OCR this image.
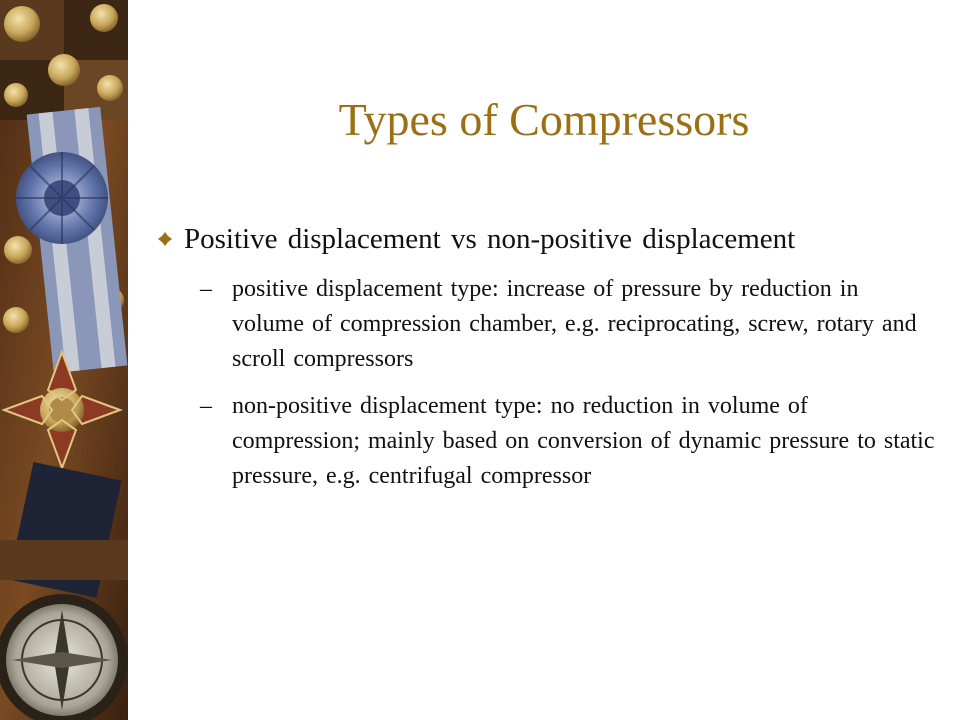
Types of Compressors
Positive displacement vs non-positive displacement
– positive displacement type: increase of pressure by reduction in volume of compression chamber, e.g. reciprocating, screw, rotary and scroll compressors
– non-positive displacement type: no reduction in volume of compression; mainly based on conversion of dynamic pressure to static pressure, e.g. centrifugal compressor
